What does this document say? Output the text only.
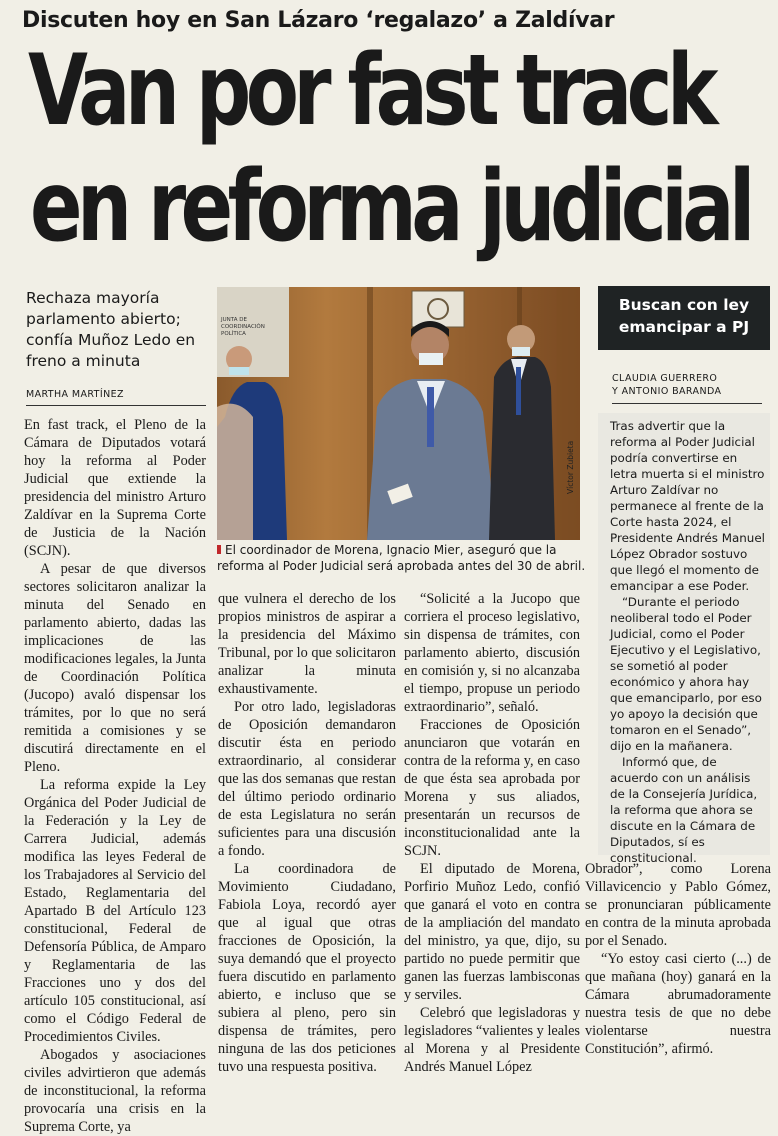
Discuten hoy en San Lázaro ‘regalazo’ a Zaldívar
Van por fast track
en reforma judicial
Rechaza mayoría parlamento abierto; confía Muñoz Ledo en freno a minuta
MARTHA MARTÍNEZ

En fast track, el Pleno de la Cámara de Diputados votará hoy la reforma al Poder Judicial que extiende la presidencia del ministro Arturo Zaldívar en la Suprema Corte de Justicia de la Nación (SCJN).

A pesar de que diversos sectores solicitaron analizar la minuta del Senado en parlamento abierto, dadas las implicaciones de las modificaciones legales, la Junta de Coordinación Política (Jucopo) avaló dispensar los trámites, por lo que no será remitida a comisiones y se discutirá directamente en el Pleno.

La reforma expide la Ley Orgánica del Poder Judicial de la Federación y la Ley de Carrera Judicial, además modifica las leyes Federal de los Trabajadores al Servicio del Estado, Reglamentaria del Apartado B del Artículo 123 constitucional, Federal de Defensoría Pública, de Amparo y Reglamentaria de las Fracciones uno y dos del artículo 105 constitucional, así como el Código Federal de Procedimientos Civiles.

Abogados y asociaciones civiles advirtieron que además de inconstitucional, la reforma provocaría una crisis en la Suprema Corte, ya

JUNTA DE COORDINACIÓN POLÍTICA
Víctor Zubieta
El coordinador de Morena, Ignacio Mier, aseguró que la reforma al Poder Judicial será aprobada antes del 30 de abril.

que vulnera el derecho de los propios ministros de aspirar a la presidencia del Máximo Tribunal, por lo que solicitaron analizar la minuta exhaustivamente.

Por otro lado, legisladoras de Oposición demandaron discutir ésta en periodo extraordinario, al considerar que las dos semanas que restan del último periodo ordinario de esta Legislatura no serán suficientes para una discusión a fondo.

La coordinadora de Movimiento Ciudadano, Fabiola Loya, recordó ayer que al igual que otras fracciones de Oposición, la suya demandó que el proyecto fuera discutido en parlamento abierto, e incluso que se subiera al pleno, pero sin dispensa de trámites, pero ninguna de las dos peticiones tuvo una respuesta positiva.

“Solicité a la Jucopo que corriera el proceso legislativo, sin dispensa de trámites, con parlamento abierto, discusión en comisión y, si no alcanzaba el tiempo, propuse un periodo extraordinario”, señaló.

Fracciones de Oposición anunciaron que votarán en contra de la reforma y, en caso de que ésta sea aprobada por Morena y sus aliados, presentarán un recursos de inconstitucionalidad ante la SCJN.

El diputado de Morena, Porfirio Muñoz Ledo, confió que ganará el voto en contra de la ampliación del mandato del ministro, ya que, dijo, su partido no puede permitir que ganen las fuerzas lambisconas y serviles.

Celebró que legisladoras y legisladores “valientes y leales al Morena y al Presidente Andrés Manuel López

Obrador”, como Lorena Villavicencio y Pablo Gómez, se pronunciaran públicamente en contra de la minuta aprobada por el Senado.

“Yo estoy casi cierto (...) de que mañana (hoy) ganará en la Cámara abrumadoramente nuestra tesis de que no debe violentarse nuestra Constitución”, afirmó.

Buscan con ley emancipar a PJ
CLAUDIA GUERRERO
Y ANTONIO BARANDA

Tras advertir que la reforma al Poder Judicial podría convertirse en letra muerta si el ministro Arturo Zaldívar no permanece al frente de la Corte hasta 2024, el Presidente Andrés Manuel López Obrador sostuvo que llegó el momento de emancipar a ese Poder.

“Durante el periodo neoliberal todo el Poder Judicial, como el Poder Ejecutivo y el Legislativo, se sometió al poder económico y ahora hay que emanciparlo, por eso yo apoyo la decisión que tomaron en el Senado”, dijo en la mañanera.

Informó que, de acuerdo con un análisis de la Consejería Jurídica, la reforma que ahora se discute en la Cámara de Diputados, sí es constitucional.
